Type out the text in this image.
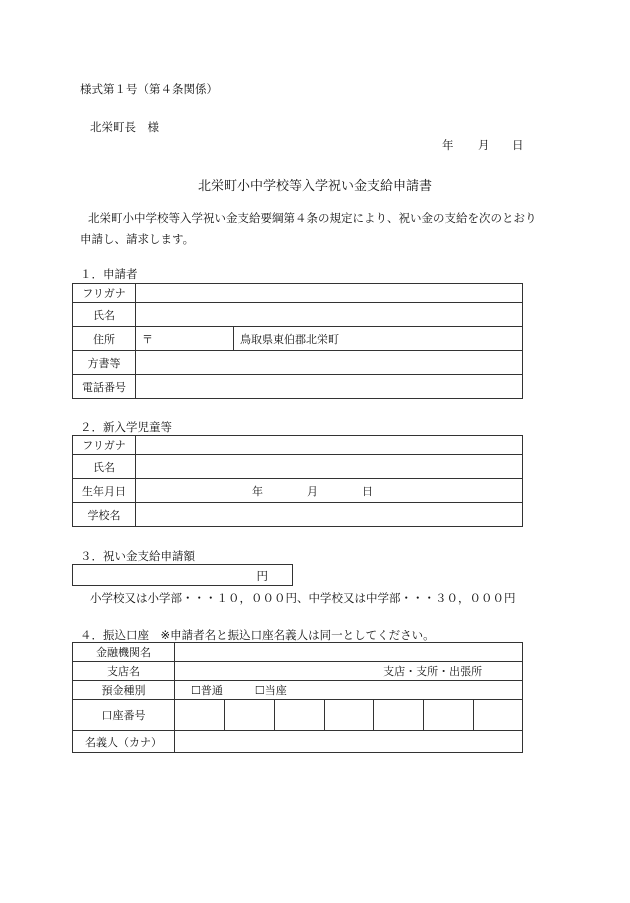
様式第１号（第４条関係）
北栄町長　様
年 月 日
北栄町小中学校等入学祝い金支給申請書
北栄町小中学校等入学祝い金支給要綱第４条の規定により、祝い金の支給を次のとおり
申請し、請求します。
１．申請者
フリガナ		
氏名		
住所	〒	鳥取県東伯郡北栄町
方書等		
電話番号		
２．新入学児童等
フリガナ	
氏名	
生年月日	年 月 日
学校名	
３．祝い金支給申請額
円
小学校又は小学部・・・１０，０００円、中学校又は中学部・・・３０，０００円
４．振込口座　※申請者名と振込口座名義人は同一としてください。
金融機関名							
支店名	支店・支所・出張所						
預金種別	☐普通 ☐当座						
口座番号							
名義人（カナ）							
